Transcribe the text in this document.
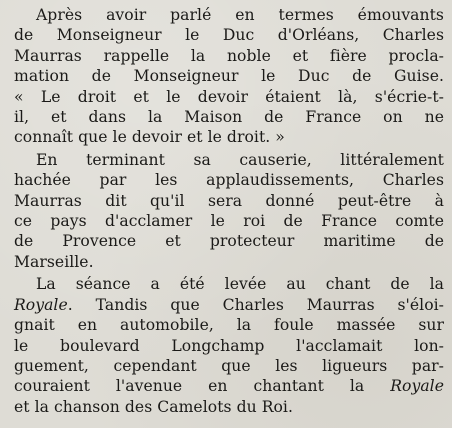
Après avoir parlé en termes émouvants
de Monseigneur le Duc d'Orléans, Charles
Maurras rappelle la noble et fière procla-
mation de Monseigneur le Duc de Guise.
« Le droit et le devoir étaient là, s'écrie-t-
il, et dans la Maison de France on ne
connaît que le devoir et le droit. »
En terminant sa causerie, littéralement
hachée par les applaudissements, Charles
Maurras dit qu'il sera donné peut-être à
ce pays d'acclamer le roi de France comte
de Provence et protecteur maritime de
Marseille.
La séance a été levée au chant de la
Royale. Tandis que Charles Maurras s'éloi-
gnait en automobile, la foule massée sur
le boulevard Longchamp l'acclamait lon-
guement, cependant que les ligueurs par-
couraient l'avenue en chantant la Royale
et la chanson des Camelots du Roi.
